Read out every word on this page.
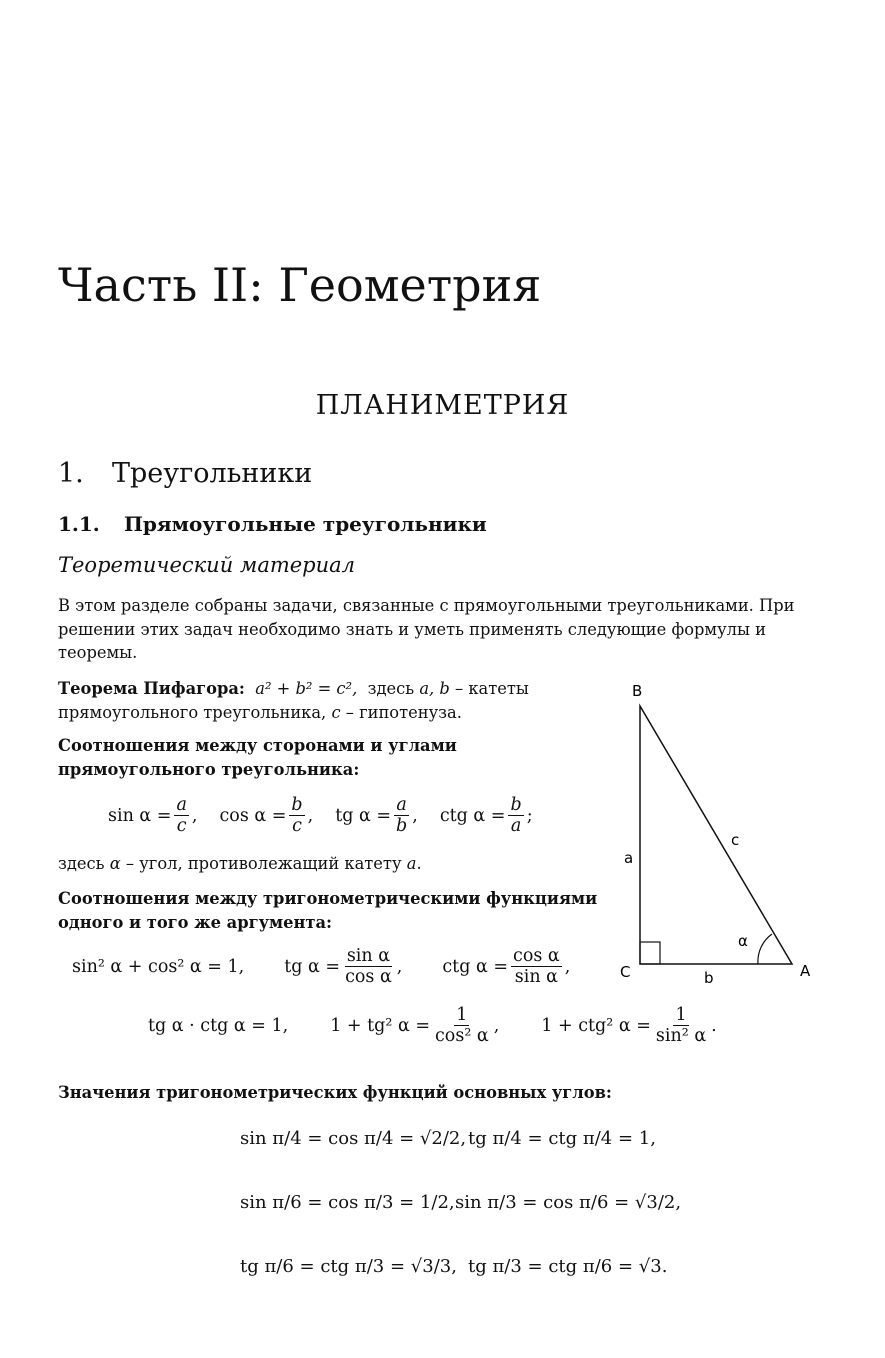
Часть II: Геометрия
ПЛАНИМЕТРИЯ
1. Треугольники
1.1. Прямоугольные треугольники
Теоретический материал
В этом разделе собраны задачи, связанные с прямоугольными треугольниками. При решении этих задач необходимо знать и уметь применять следующие формулы и теоремы.
Теорема Пифагора: a² + b² = c², здесь a, b – катеты прямоугольного треугольника, c – гипотенуза.
Соотношения между сторонами и углами прямоугольного треугольника:
$\sin \alpha = \frac{a}{c}$ , $\cos \alpha = \frac{b}{c}$ , tg $\alpha = \frac{a}{b}$ , ctg $\alpha = \frac{b}{a}$ ;
здесь α – угол, противолежащий катету a.
Соотношения между тригонометрическими функциями одного и того же аргумента:
sin² α + cos² α = 1, tg $\alpha = \frac{\text{sin α}}{\text{cos α}}$ , ctg $\alpha = \frac{\text{cos α}}{\text{sin α}}$ ,
tg α · ctg α = 1, 1 + tg² $\alpha = \frac{1}{\text{cos² α}}$ , 1 + ctg² $\alpha = \frac{1}{\text{sin² α}}$ .
Значения тригонометрических функций основных углов:
sin π/4 = cos π/4 = √2/2, tg π/4 = ctg π/4 = 1,
sin π/6 = cos π/3 = 1/2, sin π/3 = cos π/6 = √3/2,
tg π/6 = ctg π/3 = √3/3, tg π/3 = ctg π/6 = √3.
B
A
C
a
b
c
α
